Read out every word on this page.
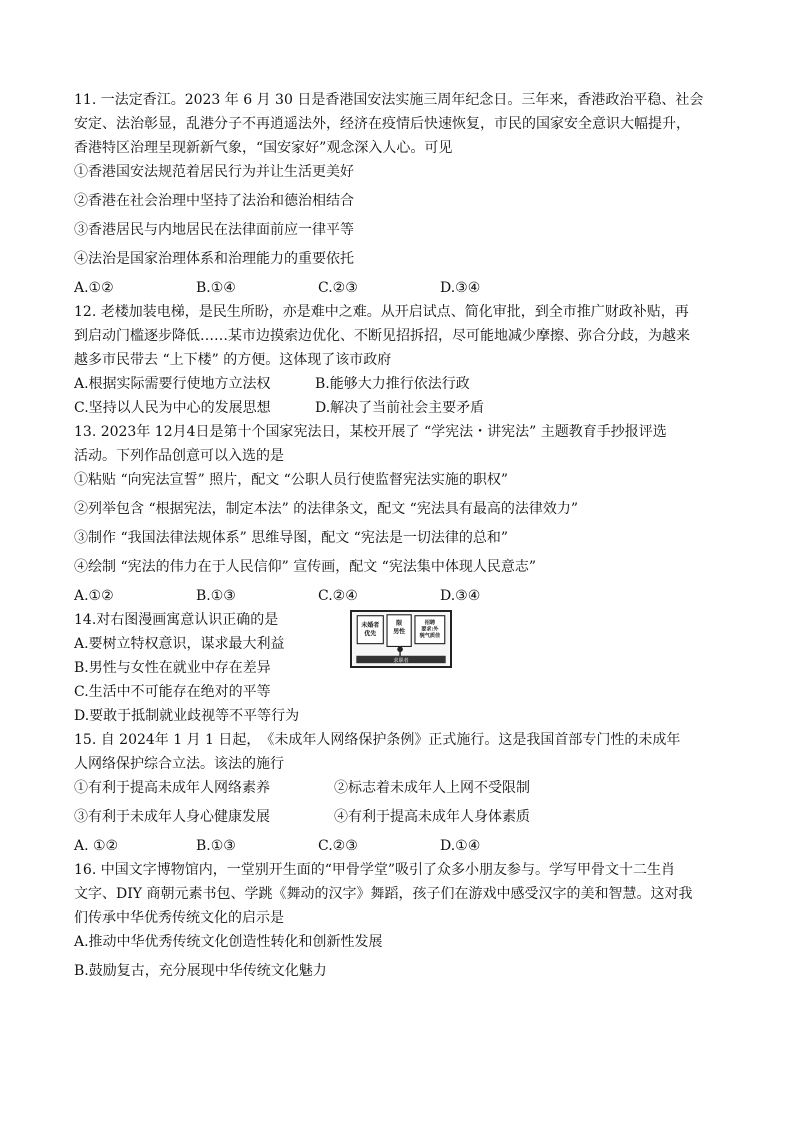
11. 一法定香江。2023 年 6 月 30 日是香港国安法实施三周年纪念日。三年来，香港政治平稳、社会
安定、法治彰显，乱港分子不再逍遥法外，经济在疫情后快速恢复，市民的国家安全意识大幅提升，
香港特区治理呈现新新气象，“国安家好”观念深入人心。可见
①香港国安法规范着居民行为并让生活更美好
②香港在社会治理中坚持了法治和德治相结合
③香港居民与内地居民在法律面前应一律平等
④法治是国家治理体系和治理能力的重要依托
A.①②	B.①④	C.②③	D.③④
12. 老楼加装电梯，是民生所盼，亦是难中之难。从开启试点、简化审批，到全市推广财政补贴，再
到启动门槛逐步降低……某市边摸索边优化、不断见招拆招，尽可能地减少摩擦、弥合分歧，为越来
越多市民带去 “上下楼” 的方便。这体现了该市政府
A.根据实际需要行使地方立法权	B.能够大力推行依法行政
C.坚持以人民为中心的发展思想	D.解决了当前社会主要矛盾
13. 2023年 12月4日是第十个国家宪法日，某校开展了 “学宪法・讲宪法” 主题教育手抄报评选
活动。下列作品创意可以入选的是
①粘贴 “向宪法宣誓” 照片，配文 “公职人员行使监督宪法实施的职权”
②列举包含 “根据宪法，制定本法” 的法律条文，配文 “宪法具有最高的法律效力”
③制作 “我国法律法规体系” 思维导图，配文 “宪法是一切法律的总和”
④绘制 “宪法的伟力在于人民信仰” 宣传画，配文 “宪法集中体现人民意志”
A.①②	B.①③	C.②④	D.③④
14.对右图漫画寓意认识正确的是
A.要树立特权意识，谋求最大利益
B.男性与女性在就业中存在差异
未婚者优先
限男性
招聘要求:外貌气质佳
求职者
C.生活中不可能存在绝对的平等
D.要敢于抵制就业歧视等不平等行为
15. 自 2024年 1 月 1 日起，　《未成年人网络保护条例》正式施行。这是我国首部专门性的未成年
人网络保护综合立法。该法的施行
①有利于提高未成年人网络素养	②标志着未成年人上网不受限制
③有利于未成年人身心健康发展	④有利于提高未成年人身体素质
A. ①②	B.①③	C.②③	D.①④
16. 中国文字博物馆内，一堂别开生面的“甲骨学堂”吸引了众多小朋友参与。学写甲骨文十二生肖
文字、DIY 商朝元素书包、学跳《舞动的汉字》舞蹈，孩子们在游戏中感受汉字的美和智慧。这对我
们传承中华优秀传统文化的启示是
A.推动中华优秀传统文化创造性转化和创新性发展
B.鼓励复古，充分展现中华传统文化魅力
